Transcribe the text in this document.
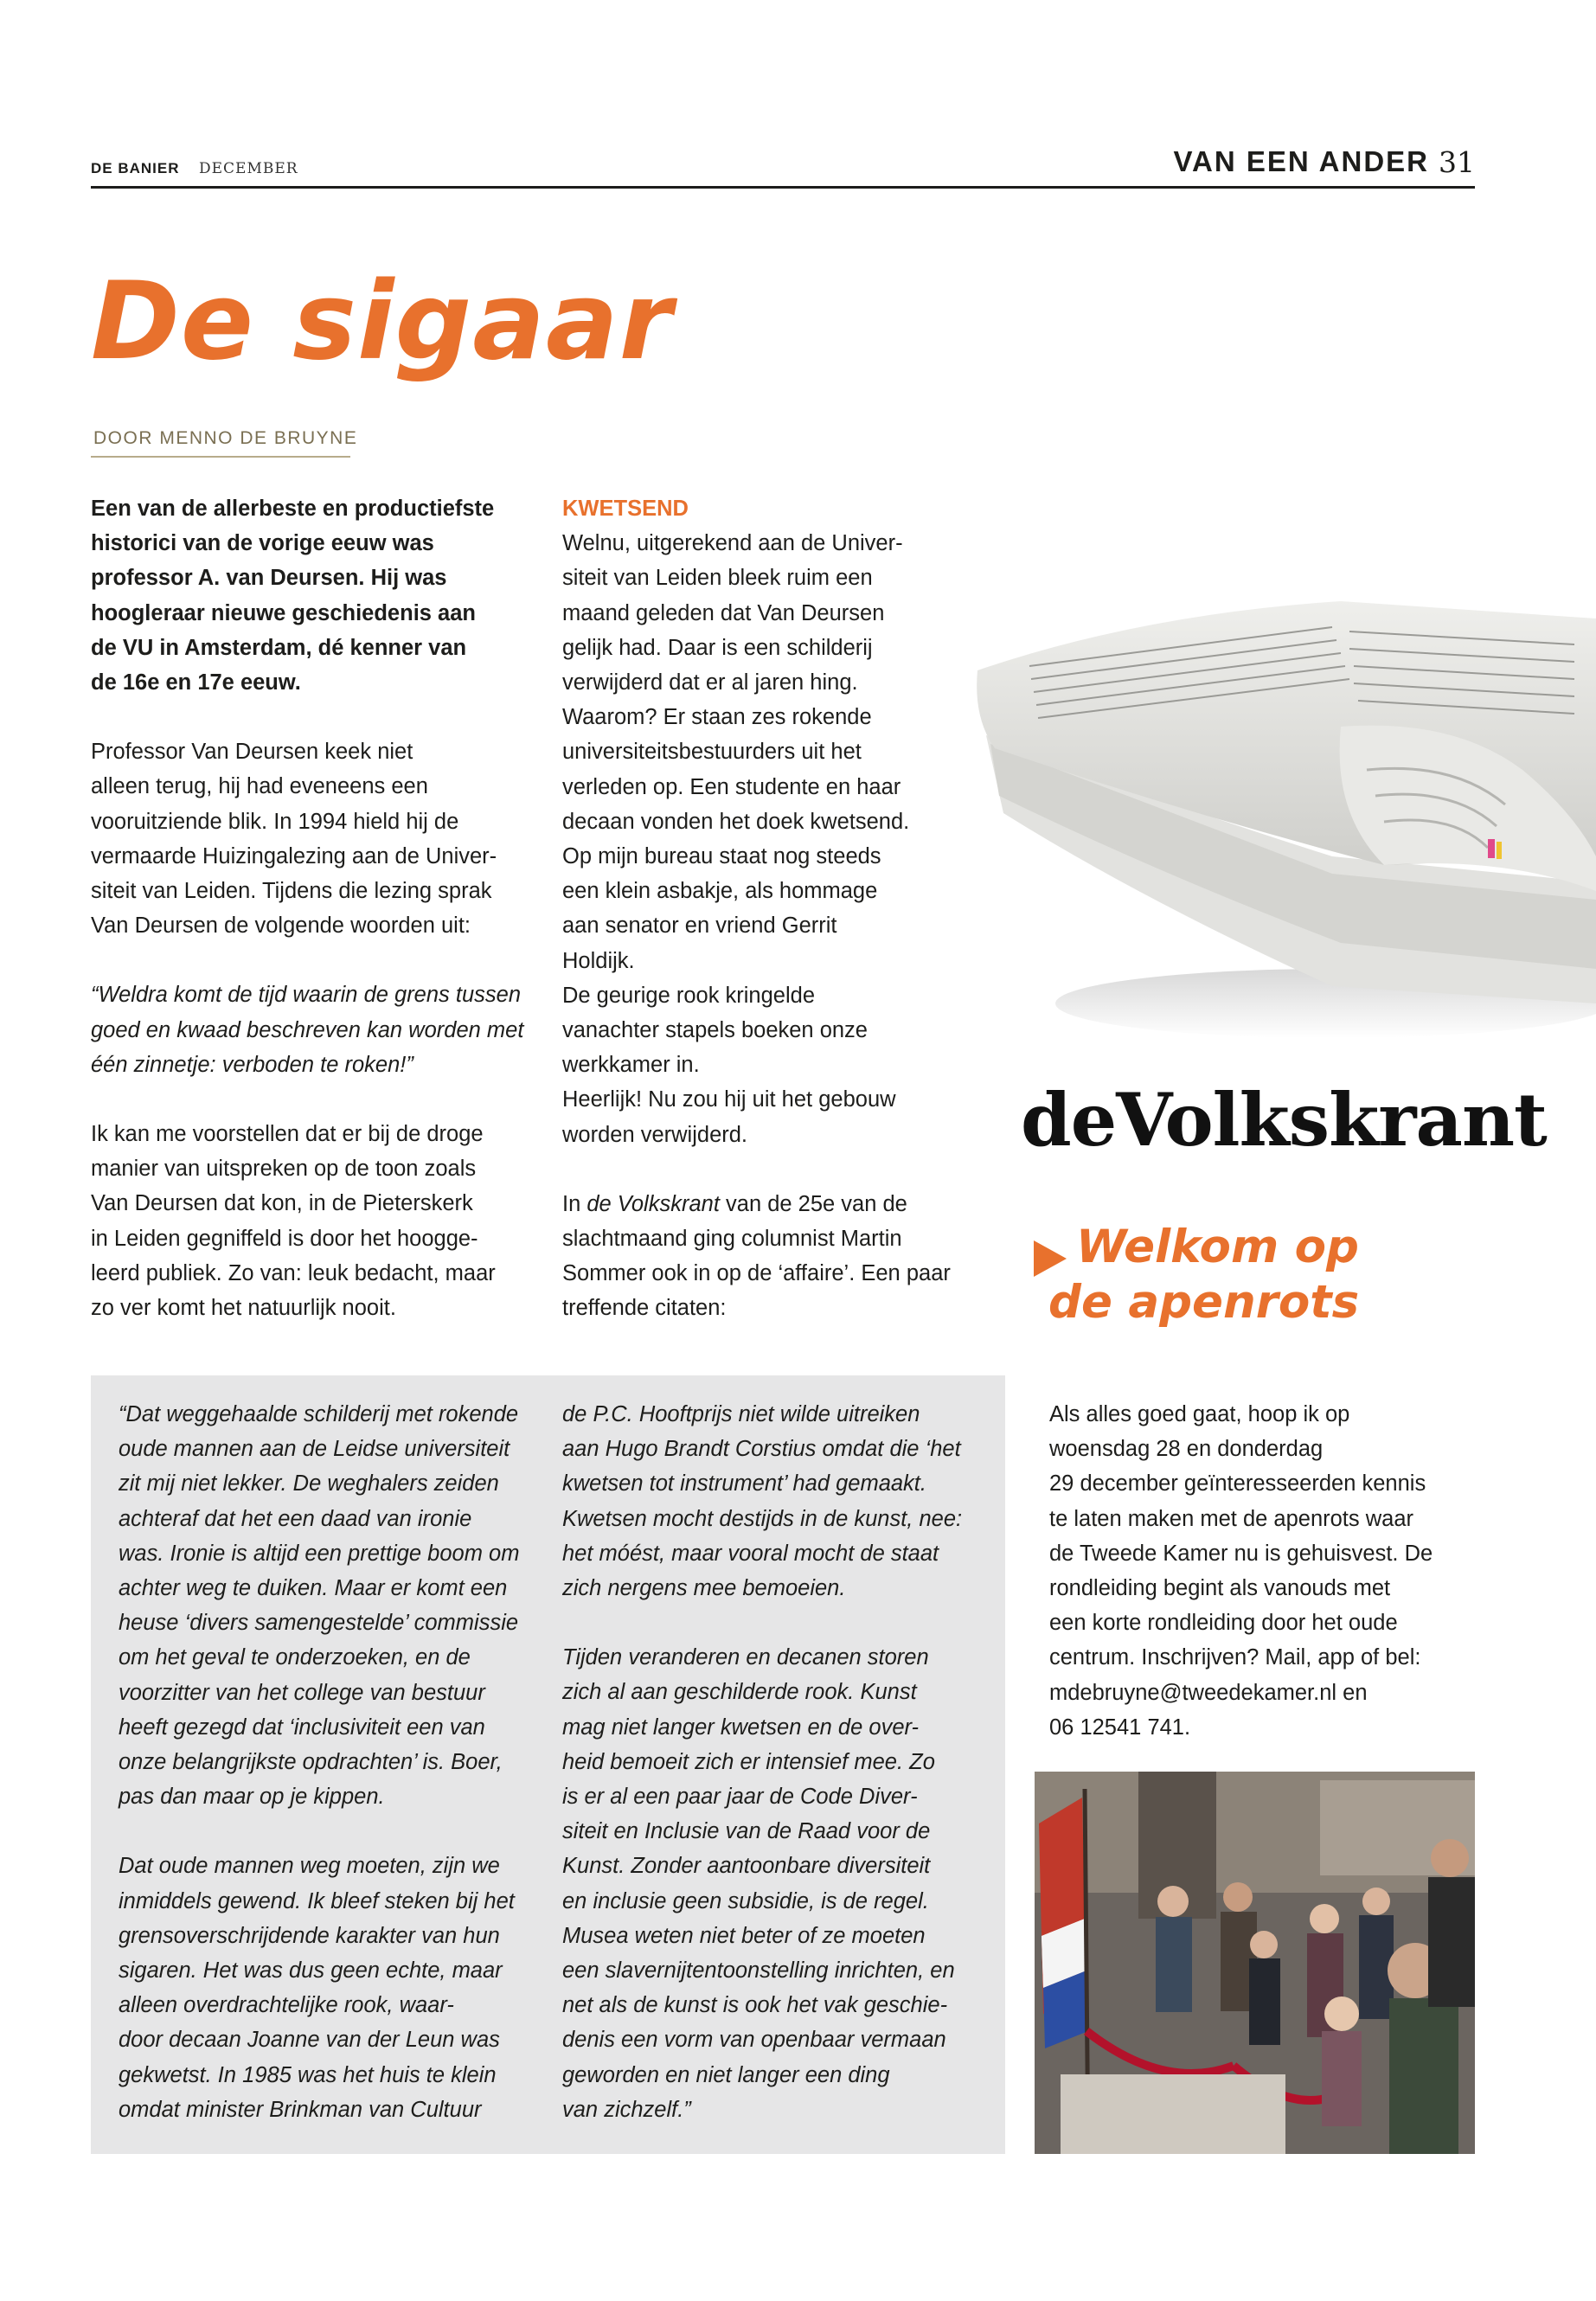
DE BANIER DECEMBER	VAN EEN ANDER 31
De sigaar
DOOR MENNO DE BRUYNE

Een van de allerbeste en productiefste
historici van de vorige eeuw was
professor A. van Deursen. Hij was
hoogleraar nieuwe geschiedenis aan
de VU in Amsterdam, dé kenner van
de 16e en 17e eeuw.

Professor Van Deursen keek niet
alleen terug, hij had eveneens een
vooruitziende blik. In 1994 hield hij de
vermaarde Huizingalezing aan de Univer-
siteit van Leiden. Tijdens die lezing sprak
Van Deursen de volgende woorden uit:

“Weldra komt de tijd waarin de grens tussen
goed en kwaad beschreven kan worden met
één zinnetje: verboden te roken!”

Ik kan me voorstellen dat er bij de droge
manier van uitspreken op de toon zoals
Van Deursen dat kon, in de Pieterskerk
in Leiden gegniffeld is door het hoogge-
leerd publiek. Zo van: leuk bedacht, maar
zo ver komt het natuurlijk nooit.

KWETSEND

Welnu, uitgerekend aan de Univer-
siteit van Leiden bleek ruim een
maand geleden dat Van Deursen
gelijk had. Daar is een schilderij
verwijderd dat er al jaren hing.
Waarom? Er staan zes rokende
universiteitsbestuurders uit het
verleden op. Een studente en haar
decaan vonden het doek kwetsend.
Op mijn bureau staat nog steeds
een klein asbakje, als hommage
aan senator en vriend Gerrit
Holdijk.
De geurige rook kringelde
vanachter stapels boeken onze
werkkamer in.
Heerlijk! Nu zou hij uit het gebouw
worden verwijderd.

In de Volkskrant van de 25e van de
slachtmaand ging columnist Martin
Sommer ook in op de ‘affaire’. Een paar
treffende citaten:

deVolkskrant
Welkom op
de apenrots

“Dat weggehaalde schilderij met rokende
oude mannen aan de Leidse universiteit
zit mij niet lekker. De weghalers zeiden
achteraf dat het een daad van ironie
was. Ironie is altijd een prettige boom om
achter weg te duiken. Maar er komt een
heuse ‘divers samengestelde’ commissie
om het geval te onderzoeken, en de
voorzitter van het college van bestuur
heeft gezegd dat ‘inclusiviteit een van
onze belangrijkste opdrachten’ is. Boer,
pas dan maar op je kippen.

Dat oude mannen weg moeten, zijn we
inmiddels gewend. Ik bleef steken bij het
grensoverschrijdende karakter van hun
sigaren. Het was dus geen echte, maar
alleen overdrachtelijke rook, waar-
door decaan Joanne van der Leun was
gekwetst. In 1985 was het huis te klein
omdat minister Brinkman van Cultuur

de P.C. Hooftprijs niet wilde uitreiken
aan Hugo Brandt Corstius omdat die ‘het
kwetsen tot instrument’ had gemaakt.
Kwetsen mocht destijds in de kunst, nee:
het móést, maar vooral mocht de staat
zich nergens mee bemoeien.

Tijden veranderen en decanen storen
zich al aan geschilderde rook. Kunst
mag niet langer kwetsen en de over-
heid bemoeit zich er intensief mee. Zo
is er al een paar jaar de Code Diver-
siteit en Inclusie van de Raad voor de
Kunst. Zonder aantoonbare diversiteit
en inclusie geen subsidie, is de regel.
Musea weten niet beter of ze moeten
een slavernijtentoonstelling inrichten, en
net als de kunst is ook het vak geschie-
denis een vorm van openbaar vermaan
geworden en niet langer een ding
van zichzelf.”

Als alles goed gaat, hoop ik op
woensdag 28 en donderdag
29 december geïnteresseerden kennis
te laten maken met de apenrots waar
de Tweede Kamer nu is gehuisvest. De
rondleiding begint als vanouds met
een korte rondleiding door het oude
centrum. Inschrijven? Mail, app of bel:
mdebruyne@tweedekamer.nl en
06 12541 741.
